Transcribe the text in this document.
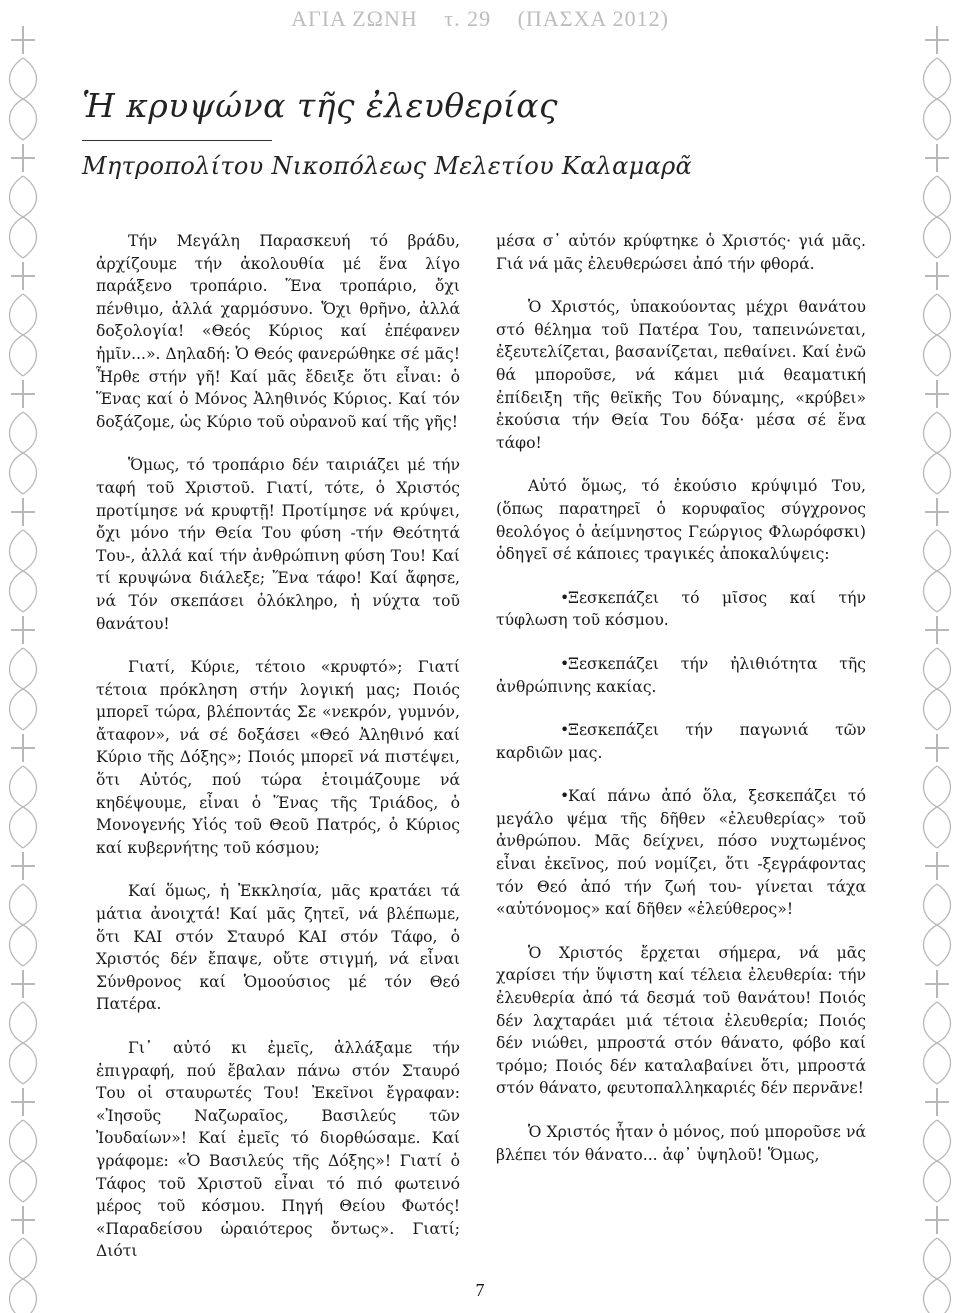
ΑΓΙΑ ΖΩΝΗ τ. 29 (ΠΑΣΧΑ 2012)
Ἡ κρυψώνα τῆς ἐλευθερίας
Μητροπολίτου Νικοπόλεως Μελετίου Καλαμαρᾶ

Τήν Μεγάλη Παρασκευή τό βράδυ, ἀρχίζουμε τήν ἀκολουθία μέ ἕνα λίγο παράξενο τροπάριο. Ἕνα τροπάριο, ὄχι πένθιμο, ἀλλά χαρμόσυνο. Ὄχι θρῆνο, ἀλλά δοξολογία! «Θεός Κύριος καί ἐπέφανεν ἡμῖν...». Δηλαδή: Ὁ Θεός φανερώθηκε σέ μᾶς! Ἦρθε στήν γῆ! Καί μᾶς ἔδειξε ὅτι εἶναι: ὁ Ἕνας καί ὁ Μόνος Ἀληθινός Κύριος. Καί τόν δοξάζομε, ὡς Κύριο τοῦ οὐρανοῦ καί τῆς γῆς!

Ὅμως, τό τροπάριο δέν ταιριάζει μέ τήν ταφή τοῦ Χριστοῦ. Γιατί, τότε, ὁ Χριστός προτίμησε νά κρυφτῇ! Προτίμησε νά κρύψει, ὄχι μόνο τήν Θεία Του φύση -τήν Θεότητά Του-, ἀλλά καί τήν ἀνθρώπινη φύση Του! Καί τί κρυψώνα διάλεξε; Ἕνα τάφο! Καί ἄφησε, νά Τόν σκεπάσει ὁλόκληρο, ἡ νύχτα τοῦ θανάτου!

Γιατί, Κύριε, τέτοιο «κρυφτό»; Γιατί τέτοια πρόκληση στήν λογική μας; Ποιός μπορεῖ τώρα, βλέποντάς Σε «νεκρόν, γυμνόν, ἄταφον», νά σέ δοξάσει «Θεό Ἀληθινό καί Κύριο τῆς Δόξης»; Ποιός μπορεῖ νά πιστέψει, ὅτι Αὐτός, πού τώρα ἑτοιμάζουμε νά κηδέψουμε, εἶναι ὁ Ἕνας τῆς Τριάδος, ὁ Μονογενής Υἱός τοῦ Θεοῦ Πατρός, ὁ Κύριος καί κυβερνήτης τοῦ κόσμου;

Καί ὅμως, ἡ Ἐκκλησία, μᾶς κρατάει τά μάτια ἀνοιχτά! Καί μᾶς ζητεῖ, νά βλέπωμε, ὅτι ΚΑΙ στόν Σταυρό ΚΑΙ στόν Τάφο, ὁ Χριστός δέν ἔπαψε, οὔτε στιγμή, νά εἶναι Σύνθρονος καί Ὁμοούσιος μέ τόν Θεό Πατέρα.

Γι᾽ αὐτό κι ἐμεῖς, ἀλλάξαμε τήν ἐπιγραφή, πού ἔβαλαν πάνω στόν Σταυρό Του οἱ σταυρωτές Του! Ἐκεῖνοι ἔγραφαν: «Ἰησοῦς Ναζωραῖος, Βασιλεύς τῶν Ἰουδαίων»! Καί ἐμεῖς τό διορθώσαμε. Καί γράφομε: «Ὁ Βασιλεύς τῆς Δόξης»! Γιατί ὁ Τάφος τοῦ Χριστοῦ εἶναι τό πιό φωτεινό μέρος τοῦ κόσμου. Πηγή Θείου Φωτός! «Παραδείσου ὡραιότερος ὄντως». Γιατί; Διότι

μέσα σ᾽ αὐτόν κρύφτηκε ὁ Χριστός· γιά μᾶς. Γιά νά μᾶς ἐλευθερώσει ἀπό τήν φθορά.

Ὁ Χριστός, ὑπακούοντας μέχρι θανάτου στό θέλημα τοῦ Πατέρα Του, ταπεινώνεται, ἐξευτελίζεται, βασανίζεται, πεθαίνει. Καί ἐνῶ θά μποροῦσε, νά κάμει μιά θεαματική ἐπίδειξη τῆς θεϊκῆς Του δύναμης, «κρύβει» ἑκούσια τήν Θεία Του δόξα· μέσα σέ ἕνα τάφο!

Αὐτό ὅμως, τό ἑκούσιο κρύψιμό Του, (ὅπως παρατηρεῖ ὁ κορυφαῖος σύγχρονος θεολόγος ὁ ἀείμνηστος Γεώργιος Φλωρόφσκι) ὁδηγεῖ σέ κάποιες τραγικές ἀποκαλύψεις:

•Ξεσκεπάζει τό μῖσος καί τήν τύφλωση τοῦ κόσμου.

•Ξεσκεπάζει τήν ἠλιθιότητα τῆς ἀνθρώπινης κακίας.

•Ξεσκεπάζει τήν παγωνιά τῶν καρδιῶν μας.

•Καί πάνω ἀπό ὅλα, ξεσκεπάζει τό μεγάλο ψέμα τῆς δῆθεν «ἐλευθερίας» τοῦ ἀνθρώπου. Μᾶς δείχνει, πόσο νυχτωμένος εἶναι ἐκεῖνος, πού νομίζει, ὅτι -ξεγράφοντας τόν Θεό ἀπό τήν ζωή του- γίνεται τάχα «αὐτόνομος» καί δῆθεν «ἐλεύθερος»!

Ὁ Χριστός ἔρχεται σήμερα, νά μᾶς χαρίσει τήν ὕψιστη καί τέλεια ἐλευθερία: τήν ἐλευθερία ἀπό τά δεσμά τοῦ θανάτου! Ποιός δέν λαχταράει μιά τέτοια ἐλευθερία; Ποιός δέν νιώθει, μπροστά στόν θάνατο, φόβο καί τρόμο; Ποιός δέν καταλαβαίνει ὅτι, μπροστά στόν θάνατο, φευτοπαλληκαριές δέν περνᾶνε!

Ὁ Χριστός ἦταν ὁ μόνος, πού μποροῦσε νά βλέπει τόν θάνατο... ἀφ᾽ ὑψηλοῦ! Ὅμως,

7
